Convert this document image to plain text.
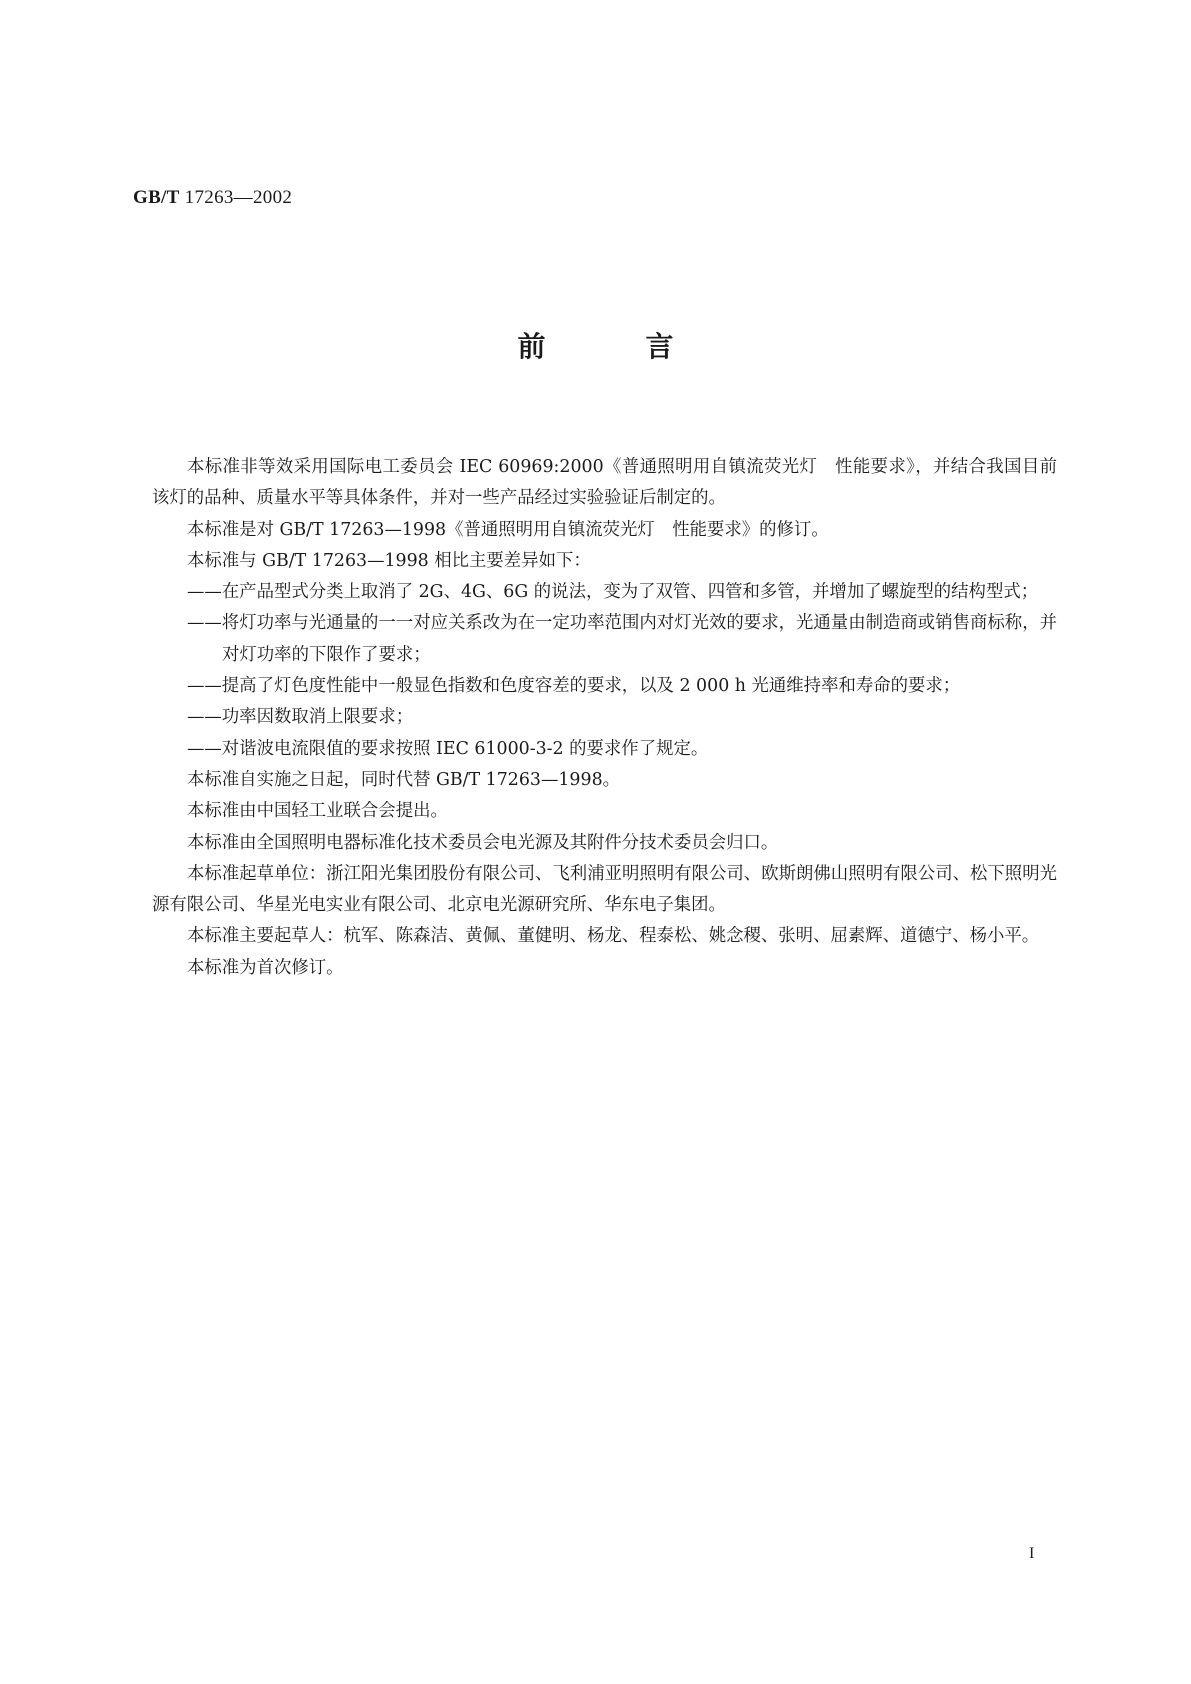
GB/T 17263—2002
前言

本标准非等效采用国际电工委员会 IEC 60969:2000《普通照明用自镇流荧光灯　性能要求》，并结合我国目前该灯的品种、质量水平等具体条件，并对一些产品经过实验验证后制定的。

本标准是对 GB/T 17263—1998《普通照明用自镇流荧光灯　性能要求》的修订。

本标准与 GB/T 17263—1998 相比主要差异如下：

——在产品型式分类上取消了 2G、4G、6G 的说法，变为了双管、四管和多管，并增加了螺旋型的结构型式；

——将灯功率与光通量的一一对应关系改为在一定功率范围内对灯光效的要求，光通量由制造商或销售商标称，并对灯功率的下限作了要求；

——提高了灯色度性能中一般显色指数和色度容差的要求，以及 2 000 h 光通维持率和寿命的要求；

——功率因数取消上限要求；

——对谐波电流限值的要求按照 IEC 61000-3-2 的要求作了规定。

本标准自实施之日起，同时代替 GB/T 17263—1998。

本标准由中国轻工业联合会提出。

本标准由全国照明电器标准化技术委员会电光源及其附件分技术委员会归口。

本标准起草单位：浙江阳光集团股份有限公司、飞利浦亚明照明有限公司、欧斯朗佛山照明有限公司、松下照明光源有限公司、华星光电实业有限公司、北京电光源研究所、华东电子集团。

本标准主要起草人：杭军、陈森洁、黄佩、董健明、杨龙、程泰松、姚念稷、张明、屈素辉、道德宁、杨小平。

本标准为首次修订。

I
